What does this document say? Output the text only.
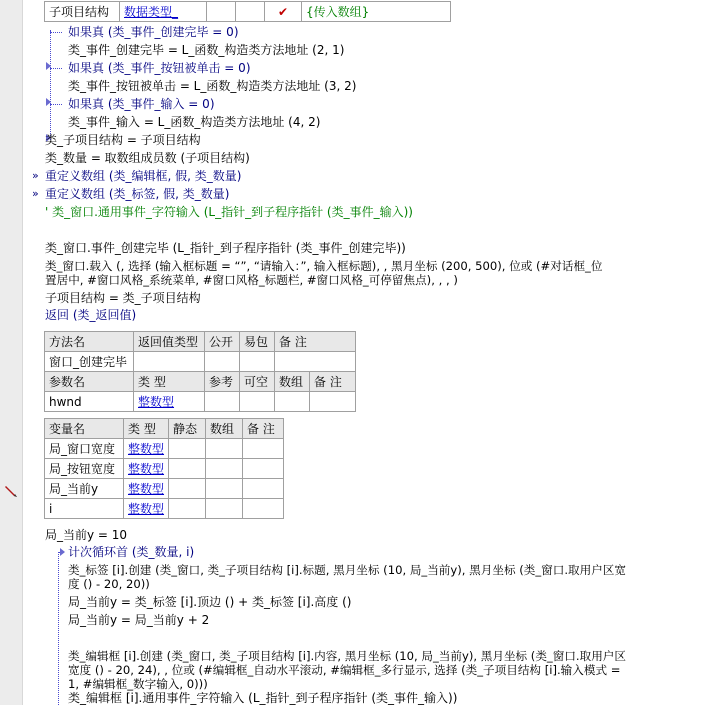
子项目结构	数据类型_			✔	{传入数组}
如果真 (类_事件_创建完毕 = 0)
类_事件_创建完毕 = L_函数_构造类方法地址 (2, 1)
如果真 (类_事件_按钮被单击 = 0)
类_事件_按钮被单击 = L_函数_构造类方法地址 (3, 2)
如果真 (类_事件_输入 = 0)
类_事件_输入 = L_函数_构造类方法地址 (4, 2)
类_子项目结构 = 子项目结构
类_数量 = 取数组成员数 (子项目结构)
» 重定义数组 (类_编辑框, 假, 类_数量)
» 重定义数组 (类_标签, 假, 类_数量)
' 类_窗口.通用事件_字符输入 (L_指针_到子程序指针 (类_事件_输入))
类_窗口.事件_创建完毕 (L_指针_到子程序指针 (类_事件_创建完毕))
类_窗口.载入 (, 选择 (输入框标题 = “”, “请输入：”, 输入框标题), , 黑月坐标 (200, 500), 位或 (#对话框_位
置居中, #窗口风格_系统菜单, #窗口风格_标题栏, #窗口风格_可停留焦点), , , )
子项目结构 = 类_子项目结构
返回 (类_返回值)
方法名	返回值类型	公开	易包	备 注	
窗口_创建完毕					
参数名	类 型	参考	可空	数组	备 注
hwnd	整数型				
变量名	类 型	静态	数组	备 注
局_窗口宽度	整数型			
局_按钮宽度	整数型			
局_当前y	整数型			
i	整数型			
局_当前y = 10
计次循环首 (类_数量, i)
类_标签 [i].创建 (类_窗口, 类_子项目结构 [i].标题, 黑月坐标 (10, 局_当前y), 黑月坐标 (类_窗口.取用户区宽
度 () - 20, 20))
局_当前y = 类_标签 [i].顶边 () + 类_标签 [i].高度 ()
局_当前y = 局_当前y + 2
类_编辑框 [i].创建 (类_窗口, 类_子项目结构 [i].内容, 黑月坐标 (10, 局_当前y), 黑月坐标 (类_窗口.取用户区
宽度 () - 20, 24), , 位或 (#编辑框_自动水平滚动, #编辑框_多行显示, 选择 (类_子项目结构 [i].输入模式 =
1, #编辑框_数字输入, 0)))
类_编辑框 [i].通用事件_字符输入 (L_指针_到子程序指针 (类_事件_输入))
